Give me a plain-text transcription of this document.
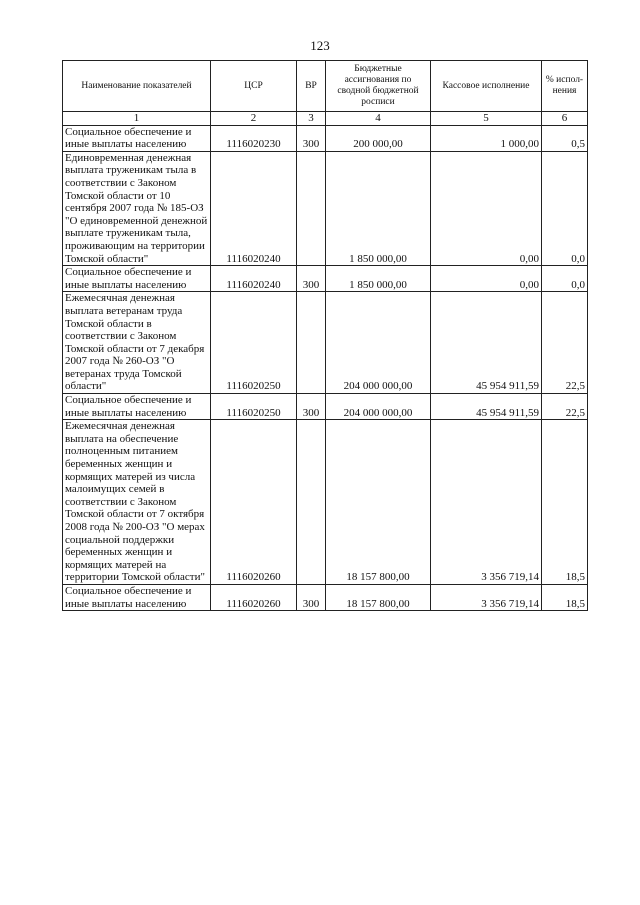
123
Наименование показателей	ЦСР	ВР	Бюджетные ассигнования по сводной бюджетной росписи	Кассовое исполнение	% испол-нения
1	2	3	4	5	6
Социальное обеспечение и иные выплаты населению	1116020230	300	200 000,00	1 000,00	0,5
Единовременная денежная выплата труженикам тыла в соответствии с Законом Томской области от 10 сентября 2007 года № 185-ОЗ "О единовременной денежной выплате труженикам тыла, проживающим на территории Томской области"	1116020240		1 850 000,00	0,00	0,0
Социальное обеспечение и иные выплаты населению	1116020240	300	1 850 000,00	0,00	0,0
Ежемесячная денежная выплата ветеранам труда Томской области в соответствии с Законом Томской области от 7 декабря 2007 года № 260-ОЗ "О ветеранах труда Томской области"	1116020250		204 000 000,00	45 954 911,59	22,5
Социальное обеспечение и иные выплаты населению	1116020250	300	204 000 000,00	45 954 911,59	22,5
Ежемесячная денежная выплата на обеспечение полноценным питанием беременных женщин и кормящих матерей из числа малоимущих семей в соответствии с Законом Томской области от 7 октября 2008 года № 200-ОЗ "О мерах социальной поддержки беременных женщин и кормящих матерей на территории Томской области"	1116020260		18 157 800,00	3 356 719,14	18,5
Социальное обеспечение и иные выплаты населению	1116020260	300	18 157 800,00	3 356 719,14	18,5
